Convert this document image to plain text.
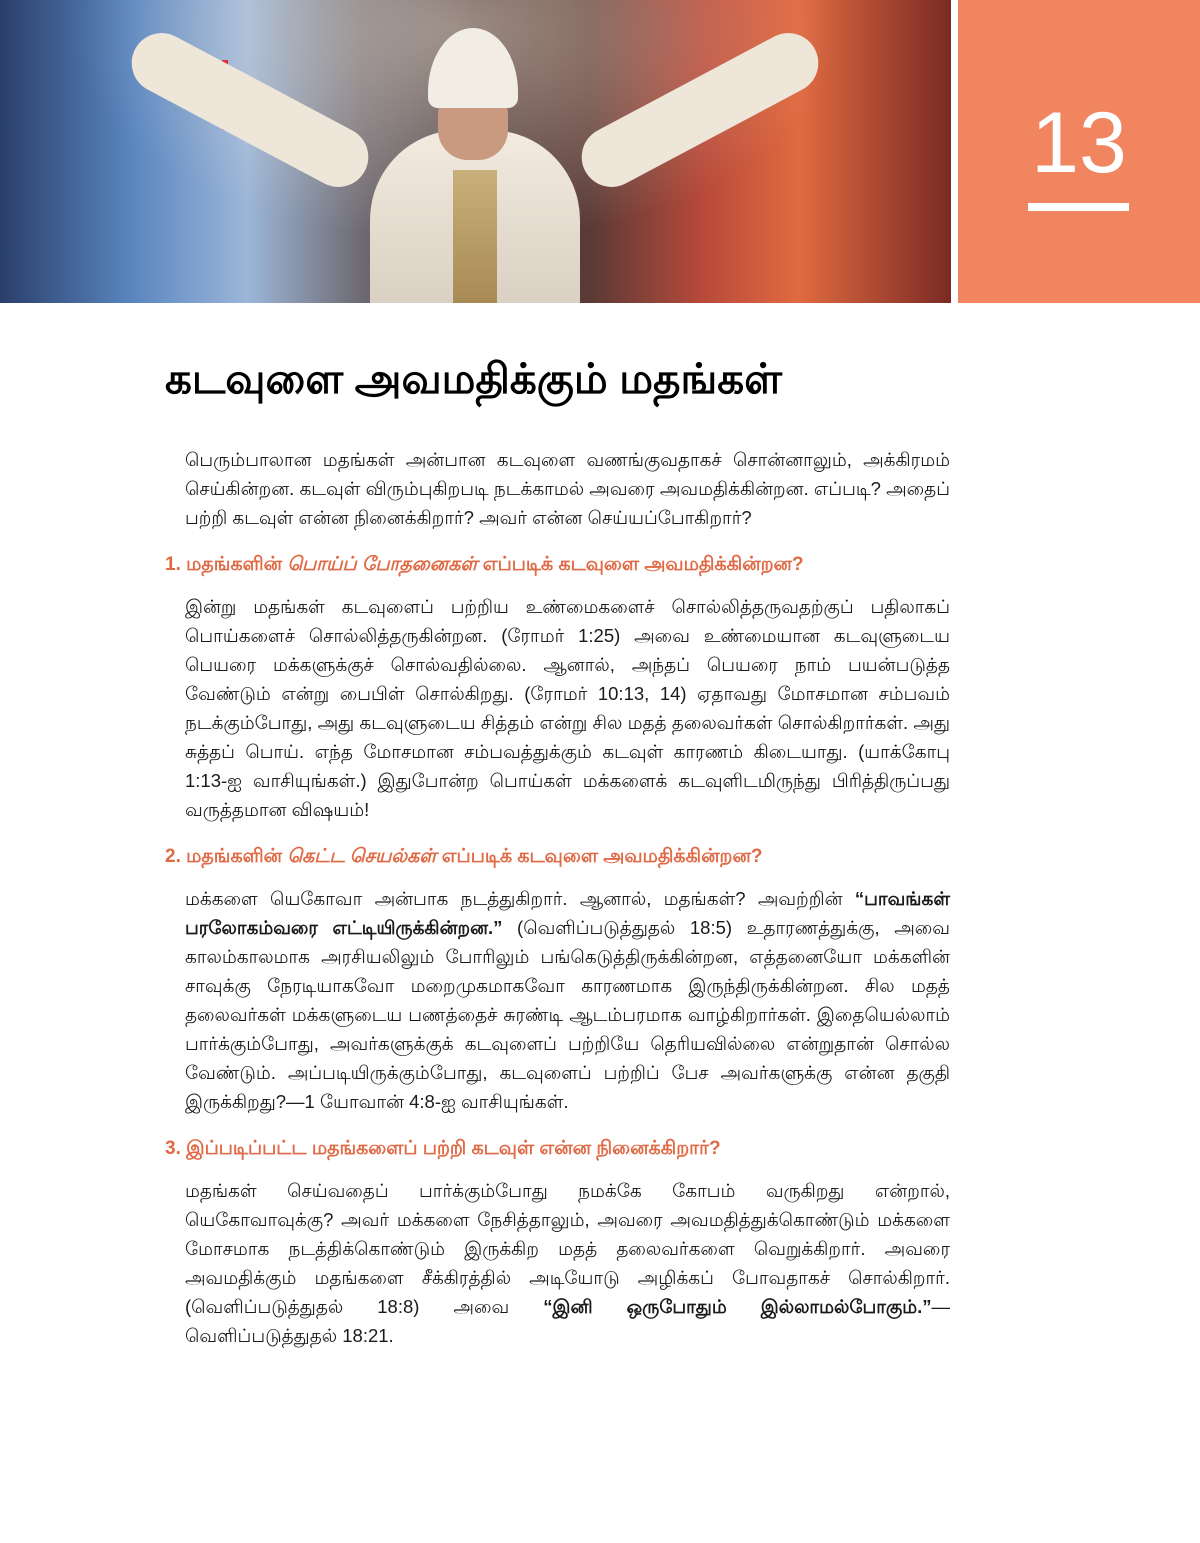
13
கடவுளை அவமதிக்கும் மதங்கள்

பெரும்பாலான மதங்கள் அன்பான கடவுளை வணங்குவதாகச் சொன்னாலும், அக்கிரமம் செய்கின்றன. கடவுள் விரும்புகிறபடி நடக்காமல் அவரை அவமதிக்கின்றன. எப்படி? அதைப் பற்றி கடவுள் என்ன நினைக்கிறார்? அவர் என்ன செய்யப்போகிறார்?

1. மதங்களின் பொய்ப் போதனைகள் எப்படிக் கடவுளை அவமதிக்கின்றன?

இன்று மதங்கள் கடவுளைப் பற்றிய உண்மைகளைச் சொல்லித்தருவதற்குப் பதிலாகப் பொய்களைச் சொல்லித்தருகின்றன. (ரோமர் 1:25) அவை உண்மையான கடவுளுடைய பெயரை மக்களுக்குச் சொல்வதில்லை. ஆனால், அந்தப் பெயரை நாம் பயன்படுத்த வேண்டும் என்று பைபிள் சொல்கிறது. (ரோமர் 10:13, 14) ஏதாவது மோசமான சம்பவம் நடக்கும்போது, அது கடவுளுடைய சித்தம் என்று சில மதத் தலைவர்கள் சொல்கிறார்கள். அது சுத்தப் பொய். எந்த மோசமான சம்பவத்துக்கும் கடவுள் காரணம் கிடையாது. (யாக்கோபு 1:13-ஐ வாசியுங்கள்.) இதுபோன்ற பொய்கள் மக்களைக் கடவுளிடமிருந்து பிரித்திருப்பது வருத்தமான விஷயம்!

2. மதங்களின் கெட்ட செயல்கள் எப்படிக் கடவுளை அவமதிக்கின்றன?

மக்களை யெகோவா அன்பாக நடத்துகிறார். ஆனால், மதங்கள்? அவற்றின் “பாவங்கள் பரலோகம்வரை எட்டியிருக்கின்றன.” (வெளிப்படுத்துதல் 18:5) உதாரணத்துக்கு, அவை காலம்காலமாக அரசியலிலும் போரிலும் பங்கெடுத்திருக்கின்றன, எத்தனையோ மக்களின் சாவுக்கு நேரடியாகவோ மறைமுகமாகவோ காரணமாக இருந்திருக்கின்றன. சில மதத் தலைவர்கள் மக்களுடைய பணத்தைச் சுரண்டி ஆடம்பரமாக வாழ்கிறார்கள். இதையெல்லாம் பார்க்கும்போது, அவர்களுக்குக் கடவுளைப் பற்றியே தெரியவில்லை என்றுதான் சொல்ல வேண்டும். அப்படியிருக்கும்போது, கடவுளைப் பற்றிப் பேச அவர்களுக்கு என்ன தகுதி இருக்கிறது?—1 யோவான் 4:8-ஐ வாசியுங்கள்.

3. இப்படிப்பட்ட மதங்களைப் பற்றி கடவுள் என்ன நினைக்கிறார்?

மதங்கள் செய்வதைப் பார்க்கும்போது நமக்கே கோபம் வருகிறது என்றால், யெகோவாவுக்கு? அவர் மக்களை நேசித்தாலும், அவரை அவமதித்துக்கொண்டும் மக்களை மோசமாக நடத்திக்கொண்டும் இருக்கிற மதத் தலைவர்களை வெறுக்கிறார். அவரை அவமதிக்கும் மதங்களை சீக்கிரத்தில் அடியோடு அழிக்கப் போவதாகச் சொல்கிறார். (வெளிப்படுத்துதல் 18:8) அவை “இனி ஒருபோதும் இல்லாமல்போகும்.”—வெளிப்படுத்துதல் 18:21.
